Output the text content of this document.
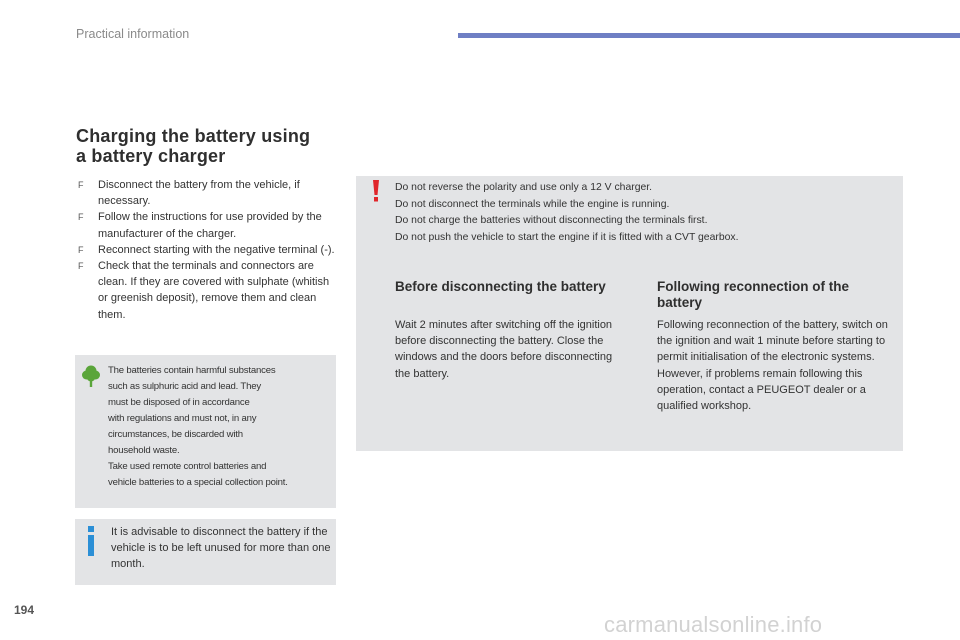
Practical information
Charging the battery using
a battery charger
F Disconnect the battery from the vehicle, if necessary.
F Follow the instructions for use provided by the manufacturer of the charger.
F Reconnect starting with the negative terminal (-).
F Check that the terminals and connectors are clean. If they are covered with sulphate (whitish or greenish deposit), remove them and clean them.
The batteries contain harmful substances
such as sulphuric acid and lead. They
must be disposed of in accordance
with regulations and must not, in any
circumstances, be discarded with
household waste.
Take used remote control batteries and
vehicle batteries to a special collection point.
It is advisable to disconnect the battery if the vehicle is to be left unused for more than one month.
Do not reverse the polarity and use only a 12 V charger.
Do not disconnect the terminals while the engine is running.
Do not charge the batteries without disconnecting the terminals first.
Do not push the vehicle to start the engine if it is fitted with a CVT gearbox.
Before disconnecting the battery

Wait 2 minutes after switching off the ignition before disconnecting the battery. Close the windows and the doors before disconnecting the battery.

Following reconnection of the battery

Following reconnection of the battery, switch on the ignition and wait 1 minute before starting to permit initialisation of the electronic systems. However, if problems remain following this operation, contact a PEUGEOT dealer or a qualified workshop.

194
carmanualsonline.info
